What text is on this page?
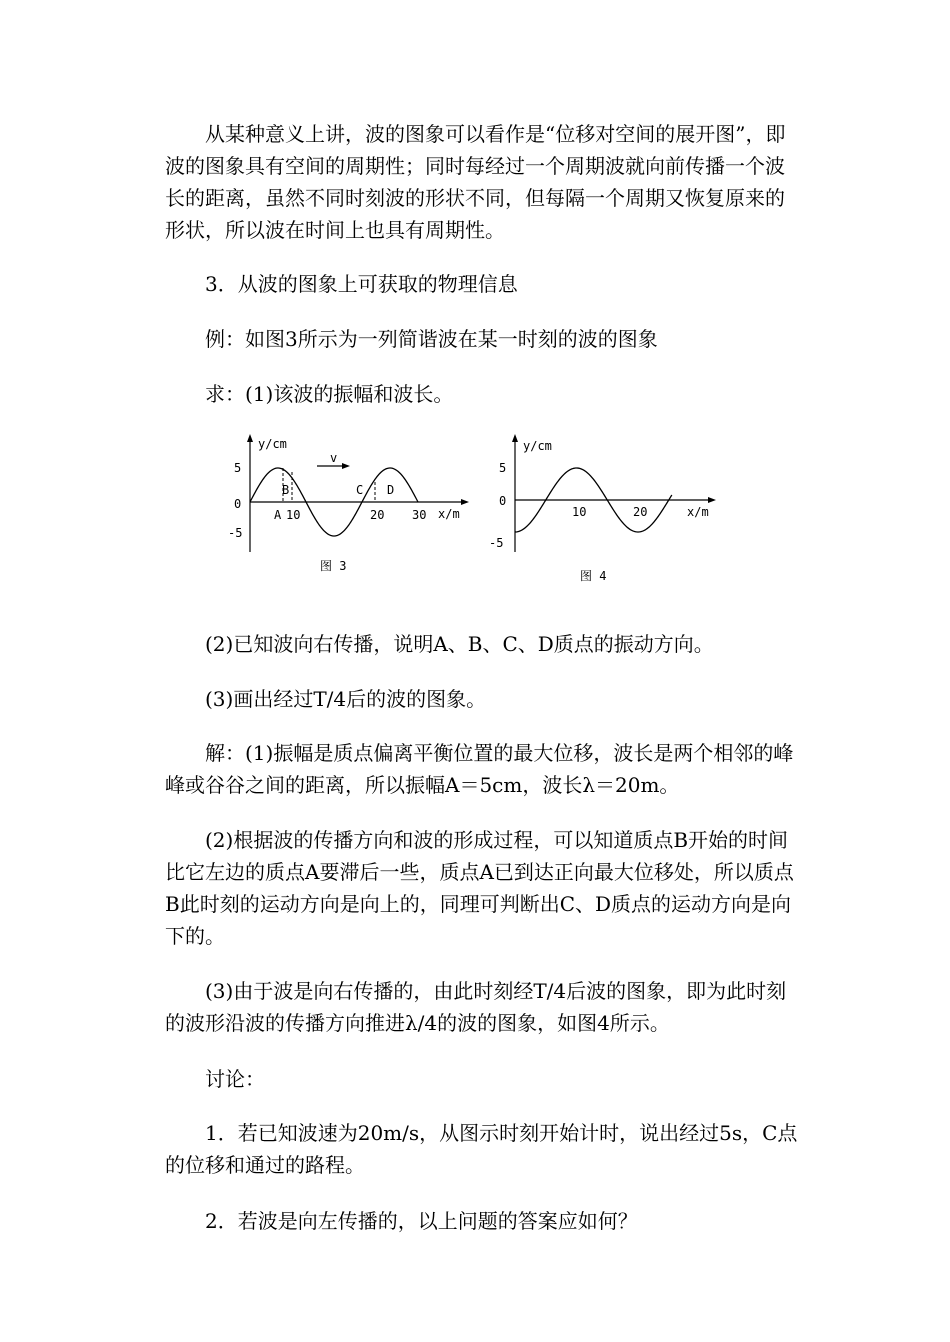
从某种意义上讲，波的图象可以看作是“位移对空间的展开图”，即波的图象具有空间的周期性；同时每经过一个周期波就向前传播一个波长的距离，虽然不同时刻波的形状不同，但每隔一个周期又恢复原来的形状，所以波在时间上也具有周期性。

3．从波的图象上可获取的物理信息

例：如图3所示为一列简谐波在某一时刻的波的图象

求：(1)该波的振幅和波长。

y/cm
x/m
5
0
-5
10	20 30
A
B	C D
v
图 3
y/cm
x/m
5
0
-5
10	20
图 4

(2)已知波向右传播，说明A、B、C、D质点的振动方向。

(3)画出经过T/4后的波的图象。

解：(1)振幅是质点偏离平衡位置的最大位移，波长是两个相邻的峰峰或谷谷之间的距离，所以振幅A＝5cm，波长λ＝20m。

(2)根据波的传播方向和波的形成过程，可以知道质点B开始的时间比它左边的质点A要滞后一些，质点A已到达正向最大位移处，所以质点B此时刻的运动方向是向上的，同理可判断出C、D质点的运动方向是向下的。

(3)由于波是向右传播的，由此时刻经T/4后波的图象，即为此时刻的波形沿波的传播方向推进λ/4的波的图象，如图4所示。

讨论：

1．若已知波速为20m/s，从图示时刻开始计时，说出经过5s，C点的位移和通过的路程。

2．若波是向左传播的，以上问题的答案应如何？
